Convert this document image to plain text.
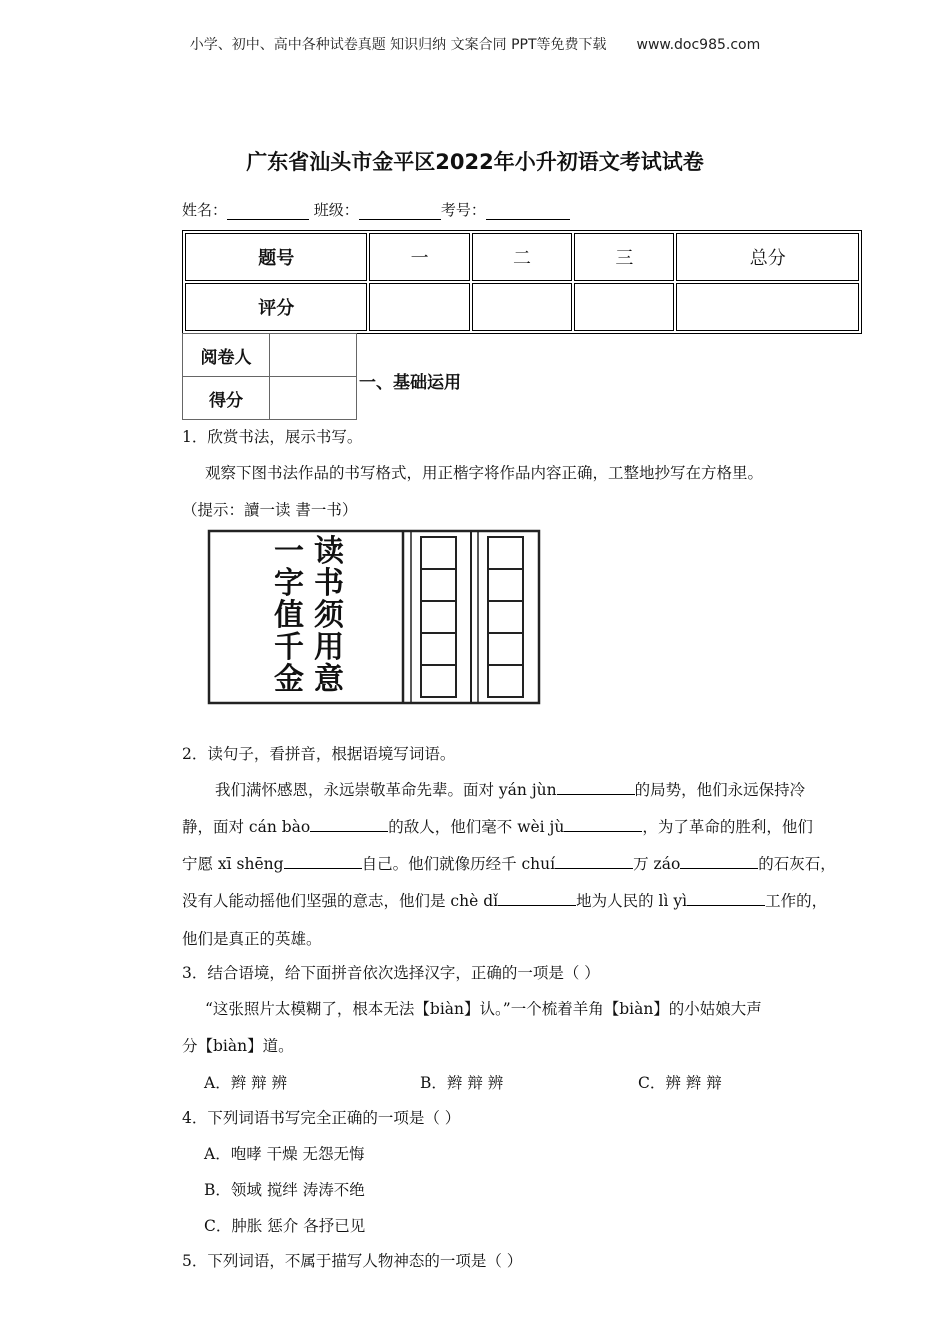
小学、初中、高中各种试卷真题 知识归纳 文案合同 PPT等免费下载 www.doc985.com
广东省汕头市金平区2022年小升初语文考试试卷
姓名：	班级：	考号：
题号	一	二	三	总分
评分				
阅卷人	
得分	
一、基础运用
1．欣赏书法，展示书写。
观察下图书法作品的书写格式，用正楷字将作品内容正确，工整地抄写在方格里。
（提示：讀一读 書一书）
读
书
须
用
意
一
字
值
千
金
2．读句子，看拼音，根据语境写词语。
我们满怀感恩，永远崇敬革命先辈。面对 yán jùn	的局势，他们永远保持冷
静，面对 cán bào	的敌人，他们毫不 wèi jù	，为了革命的胜利，他们
宁愿 xī shēng	自己。他们就像历经千 chuí	万 záo	的石灰石，
没有人能动摇他们坚强的意志，他们是 chè dǐ	地为人民的 lì yì	工作的，
他们是真正的英雄。
3．结合语境，给下面拼音依次选择汉字，正确的一项是（ ）
“这张照片太模糊了，根本无法【biàn】认。”一个梳着羊角【biàn】的小姑娘大声
分【biàn】道。
A．辫 辩 辨	B．辫 辩 辨	C．辨 辫 辩
4．下列词语书写完全正确的一项是（ ）
A．咆哮 干燥 无怨无悔
B．领域 搅绊 涛涛不绝
C．肿胀 惩介 各抒已见
5．下列词语，不属于描写人物神态的一项是（ ）
